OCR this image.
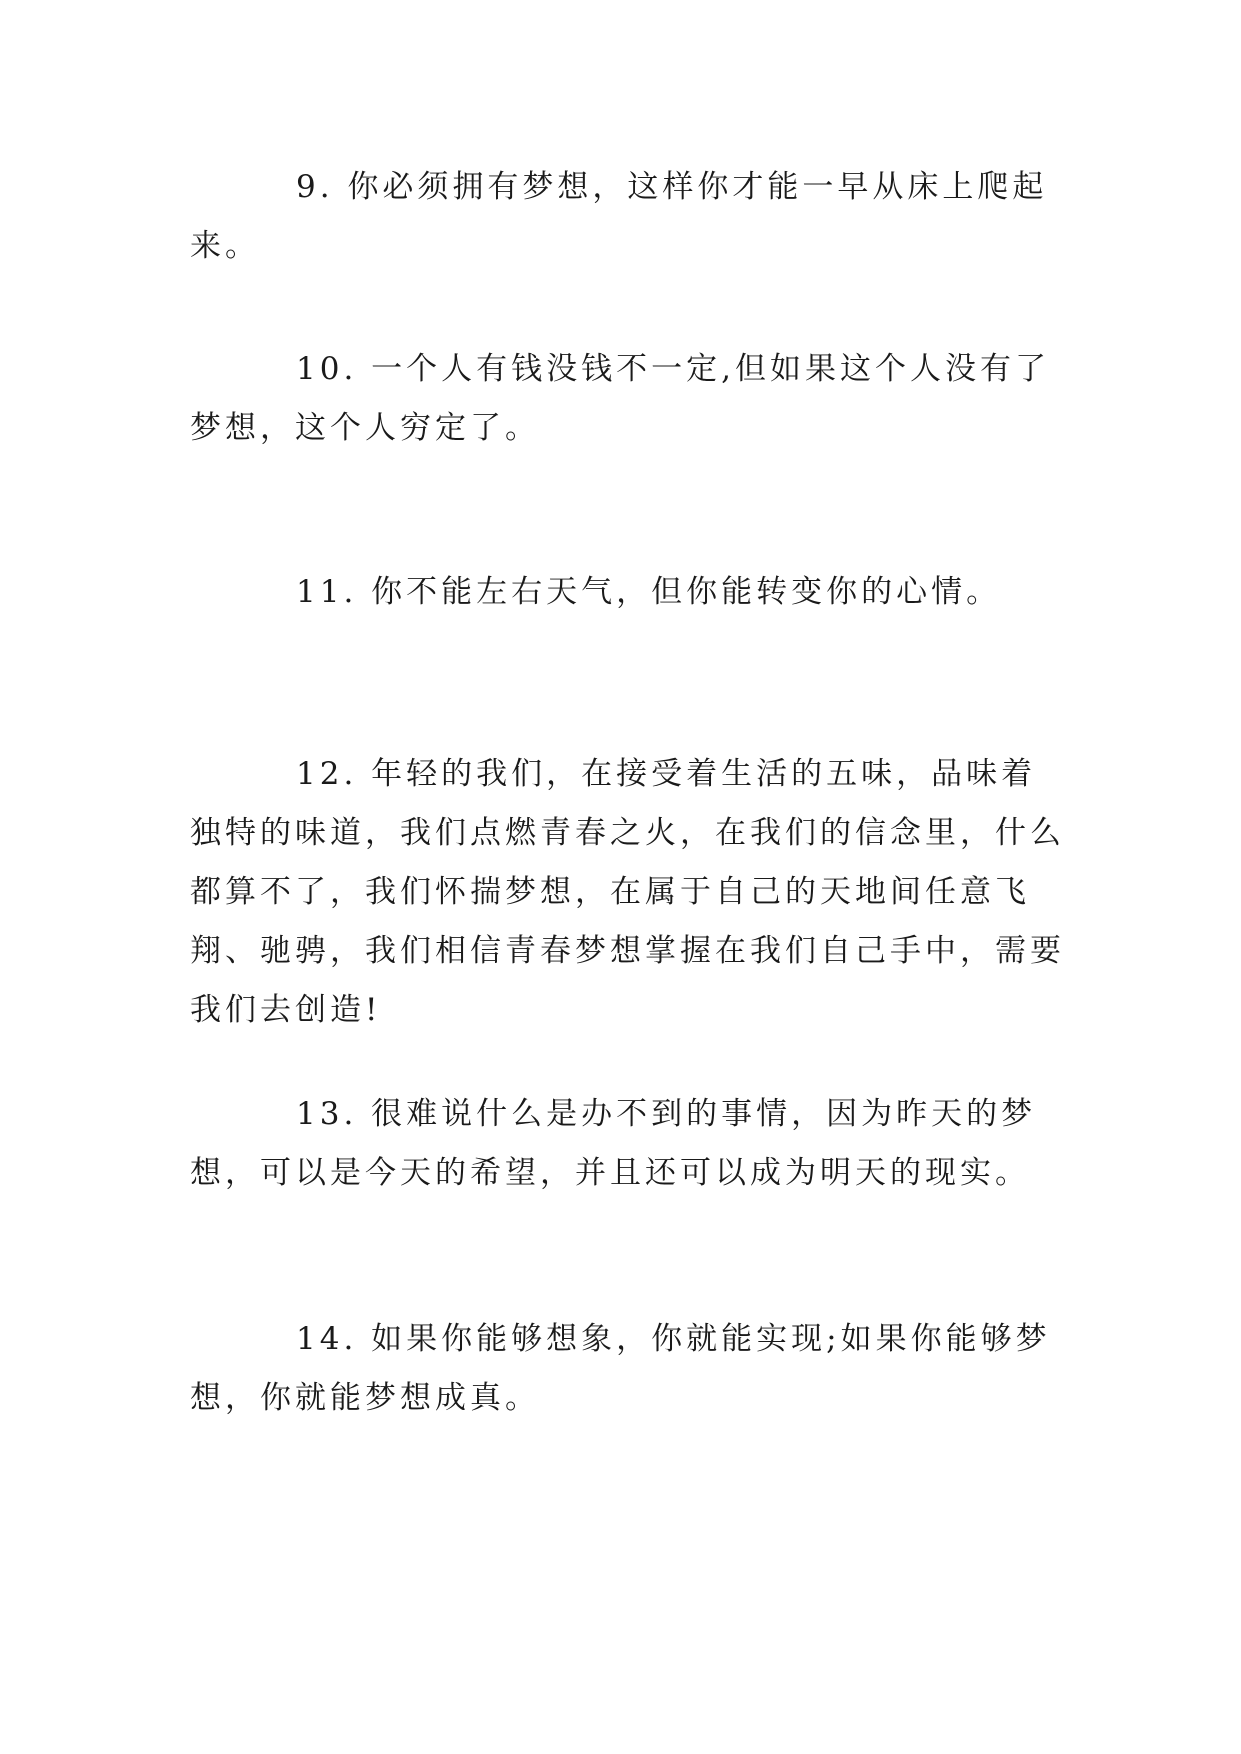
9. 你必须拥有梦想，这样你才能一早从床上爬起来。

10. 一个人有钱没钱不一定,但如果这个人没有了梦想，这个人穷定了。

11. 你不能左右天气，但你能转变你的心情。

12. 年轻的我们，在接受着生活的五味，品味着独特的味道，我们点燃青春之火，在我们的信念里，什么都算不了，我们怀揣梦想，在属于自己的天地间任意飞翔、驰骋，我们相信青春梦想掌握在我们自己手中，需要我们去创造!

13. 很难说什么是办不到的事情，因为昨天的梦想，可以是今天的希望，并且还可以成为明天的现实。

14. 如果你能够想象，你就能实现;如果你能够梦想，你就能梦想成真。
